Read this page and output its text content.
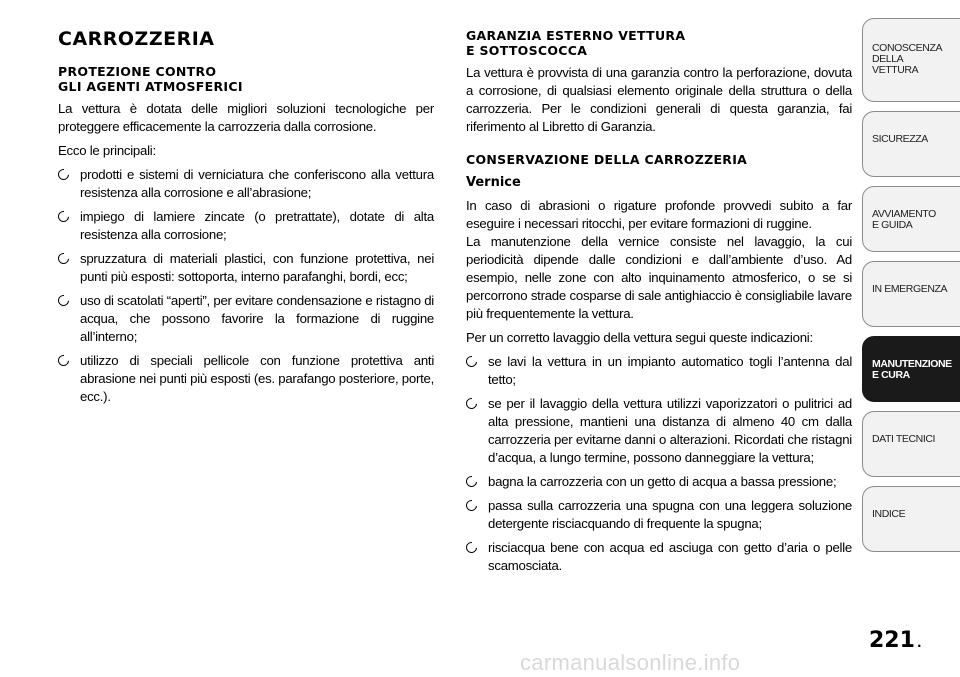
CARROZZERIA
PROTEZIONE CONTRO
GLI AGENTI ATMOSFERICI

La vettura è dotata delle migliori soluzioni tecnologiche per proteggere efficacemente la carrozzeria dalla corrosione.

Ecco le principali:

prodotti e sistemi di verniciatura che conferiscono alla vettura resistenza alla corrosione e all’abrasione;
impiego di lamiere zincate (o pretrattate), dotate di alta resistenza alla corrosione;
spruzzatura di materiali plastici, con funzione protettiva, nei punti più esposti: sottoporta, interno parafanghi, bordi, ecc;
uso di scatolati “aperti”, per evitare condensazione e ristagno di acqua, che possono favorire la formazione di ruggine all’interno;
utilizzo di speciali pellicole con funzione protettiva anti abrasione nei punti più esposti (es. parafango posteriore, porte, ecc.).
GARANZIA ESTERNO VETTURA
E SOTTOSCOCCA

La vettura è provvista di una garanzia contro la perforazione, dovuta a corrosione, di qualsiasi elemento originale della struttura o della carrozzeria. Per le condizioni generali di questa garanzia, fai riferimento al Libretto di Garanzia.

CONSERVAZIONE DELLA CARROZZERIA
Vernice

In caso di abrasioni o rigature profonde provvedi subito a far eseguire i necessari ritocchi, per evitare formazioni di ruggine.

La manutenzione della vernice consiste nel lavaggio, la cui periodicità dipende dalle condizioni e dall’ambiente d’uso. Ad esempio, nelle zone con alto inquinamento atmosferico, o se si percorrono strade cosparse di sale antighiaccio è consigliabile lavare più frequentemente la vettura.

Per un corretto lavaggio della vettura segui queste indicazioni:

se lavi la vettura in un impianto automatico togli l’antenna dal tetto;
se per il lavaggio della vettura utilizzi vaporizzatori o pulitrici ad alta pressione, mantieni una distanza di almeno 40 cm dalla carrozzeria per evitarne danni o alterazioni. Ricordati che ristagni d’acqua, a lungo termine, possono danneggiare la vettura;
bagna la carrozzeria con un getto di acqua a bassa pressione;
passa sulla carrozzeria una spugna con una leggera soluzione detergente risciacquando di frequente la spugna;
risciacqua bene con acqua ed asciuga con getto d’aria o pelle scamosciata.
CONOSCENZA
DELLA
VETTURA
SICUREZZA
AVVIAMENTO
E GUIDA
IN EMERGENZA
MANUTENZIONE
E CURA
DATI TECNICI
INDICE
221 .
carmanualsonline.info
